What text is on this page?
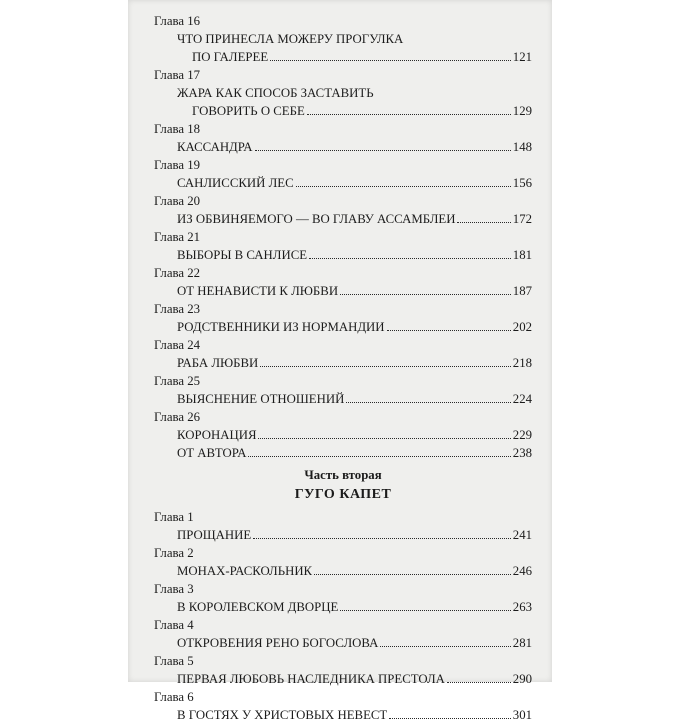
Глава 16
ЧТО ПРИНЕСЛА МОЖЕРУ ПРОГУЛКА
ПО ГАЛЕРЕЕ	121
Глава 17
ЖАРА КАК СПОСОБ ЗАСТАВИТЬ
ГОВОРИТЬ О СЕБЕ	129
Глава 18
КАССАНДРА	148
Глава 19
САНЛИССКИЙ ЛЕС	156
Глава 20
ИЗ ОБВИНЯЕМОГО — ВО ГЛАВУ АССАМБЛЕИ	172
Глава 21
ВЫБОРЫ В САНЛИСЕ	181
Глава 22
ОТ НЕНАВИСТИ К ЛЮБВИ	187
Глава 23
РОДСТВЕННИКИ ИЗ НОРМАНДИИ	202
Глава 24
РАБА ЛЮБВИ	218
Глава 25
ВЫЯСНЕНИЕ ОТНОШЕНИЙ	224
Глава 26
КОРОНАЦИЯ	229
ОТ АВТОРА	238
Часть вторая
ГУГО КАПЕТ
Глава 1
ПРОЩАНИЕ	241
Глава 2
МОНАХ-РАСКОЛЬНИК	246
Глава 3
В КОРОЛЕВСКОМ ДВОРЦЕ	263
Глава 4
ОТКРОВЕНИЯ РЕНО БОГОСЛОВА	281
Глава 5
ПЕРВАЯ ЛЮБОВЬ НАСЛЕДНИКА ПРЕСТОЛА	290
Глава 6
В ГОСТЯХ У ХРИСТОВЫХ НЕВЕСТ	301
